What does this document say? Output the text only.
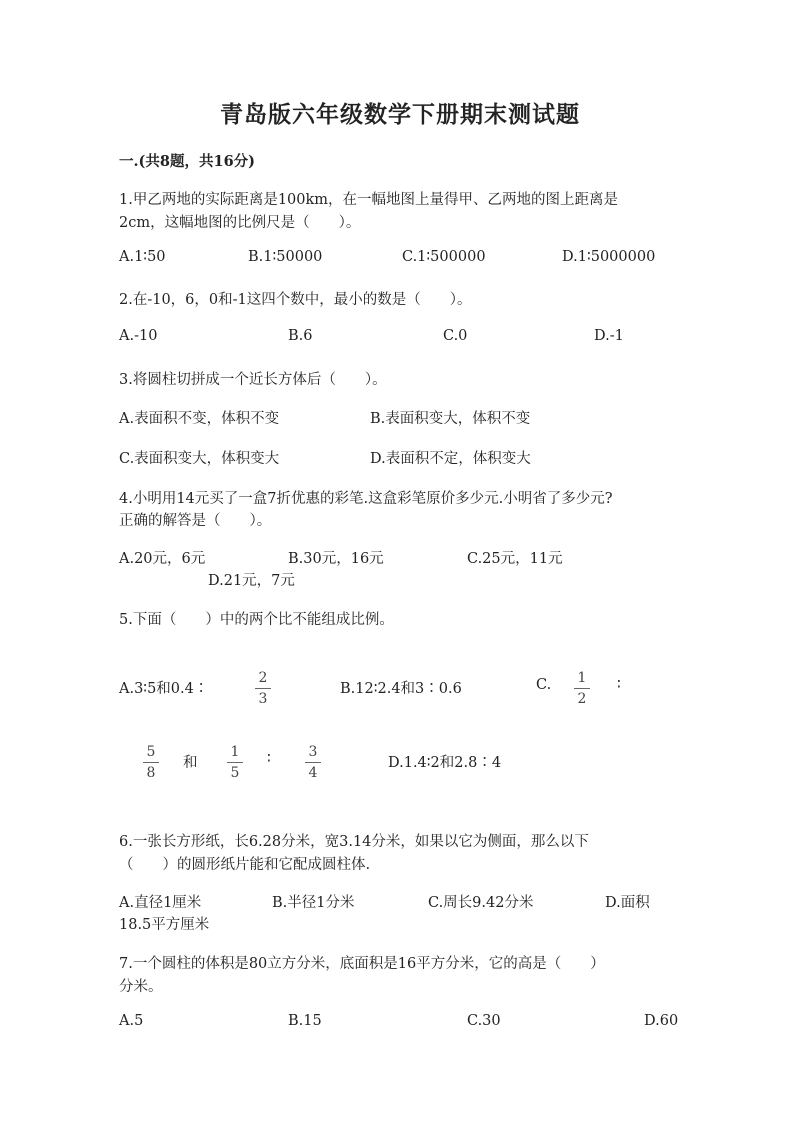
青岛版六年级数学下册期末测试题
一.(共8题，共16分)
1.甲乙两地的实际距离是100km，在一幅地图上量得甲、乙两地的图上距离是
2cm，这幅地图的比例尺是（　　）。
A.1∶50	B.1∶50000	C.1∶500000	D.1∶5000000
2.在-10，6，0和-1这四个数中，最小的数是（　　）。
A.-10	B.6	C.0	D.-1
3.将圆柱切拼成一个近长方体后（　　）。
A.表面积不变，体积不变	B.表面积变大，体积不变
C.表面积变大，体积变大	D.表面积不定，体积变大
4.小明用14元买了一盒7折优惠的彩笔.这盒彩笔原价多少元.小明省了多少元?
正确的解答是（　　）。
A.20元，6元	B.30元，16元	C.25元，11元
D.21元，7元
5.下面（　　）中的两个比不能组成比例。
A.3∶5和0.4∶
2
3
B.12∶2.4和3∶0.6	C.	1
2
∶
5
8
和
1
5
∶	3
4
D.1.4∶2和2.8∶4
6.一张长方形纸，长6.28分米，宽3.14分米，如果以它为侧面，那么以下
（　　）的圆形纸片能和它配成圆柱体.
A.直径1厘米	B.半径1分米	C.周长9.42分米	D.面积
18.5平方厘米
7.一个圆柱的体积是80立方分米，底面积是16平方分米，它的高是（　　）
分米。
A.5	B.15	C.30	D.60
